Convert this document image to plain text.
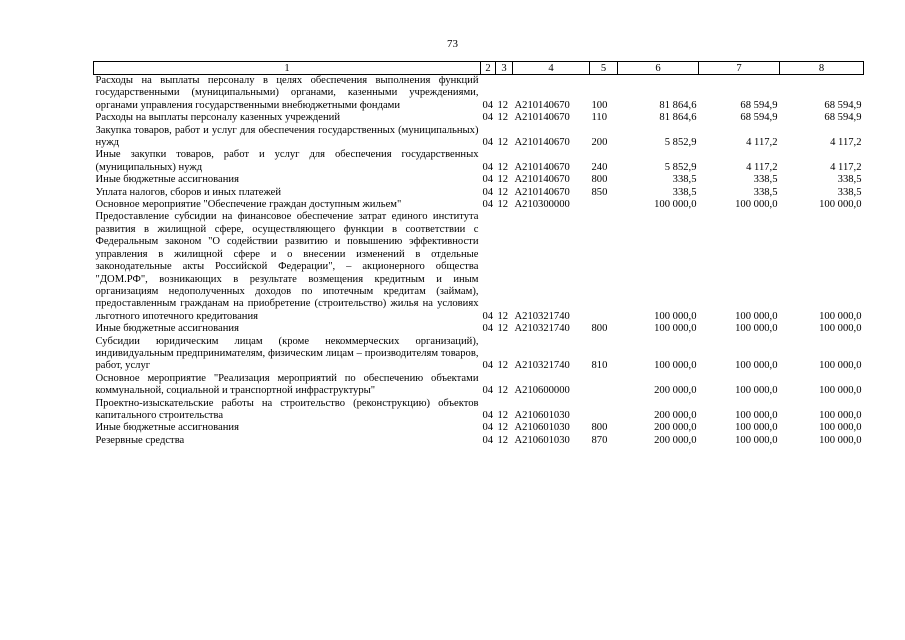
73
1	2	3	4	5	6	7	8
Расходы на выплаты персоналу в целях обеспечения выполнения функций государственными (муниципальными) органами, казенными учреждениями, органами управления государственными внебюджетными фондами	04	12	А210140670	100	81 864,6	68 594,9	68 594,9
Расходы на выплаты персоналу казенных учреждений	04	12	А210140670	110	81 864,6	68 594,9	68 594,9
Закупка товаров, работ и услуг для обеспечения государственных (муниципальных) нужд	04	12	А210140670	200	5 852,9	4 117,2	4 117,2
Иные закупки товаров, работ и услуг для обеспечения государственных (муниципальных) нужд	04	12	А210140670	240	5 852,9	4 117,2	4 117,2
Иные бюджетные ассигнования	04	12	А210140670	800	338,5	338,5	338,5
Уплата налогов, сборов и иных платежей	04	12	А210140670	850	338,5	338,5	338,5
Основное мероприятие "Обеспечение граждан доступным жильем"	04	12	А210300000		100 000,0	100 000,0	100 000,0
Предоставление субсидии на финансовое обеспечение затрат единого института развития в жилищной сфере, осуществляющего функции в соответствии с Федеральным законом "О содействии развитию и повышению эффективности управления в жилищной сфере и о внесении изменений в отдельные законодательные акты Российской Федерации", – акционерного общества "ДОМ.РФ", возникающих в результате возмещения кредитным и иным организациям недополученных доходов по ипотечным кредитам (займам), предоставленным гражданам на приобретение (строительство) жилья на условиях льготного ипотечного кредитования	04	12	А210321740		100 000,0	100 000,0	100 000,0
Иные бюджетные ассигнования	04	12	А210321740	800	100 000,0	100 000,0	100 000,0
Субсидии юридическим лицам (кроме некоммерческих организаций), индивидуальным предпринимателям, физическим лицам – производителям товаров, работ, услуг	04	12	А210321740	810	100 000,0	100 000,0	100 000,0
Основное мероприятие "Реализация мероприятий по обеспечению объектами коммунальной, социальной и транспортной инфраструктуры"	04	12	А210600000		200 000,0	100 000,0	100 000,0
Проектно-изыскательские работы на строительство (реконструкцию) объектов капитального строительства	04	12	А210601030		200 000,0	100 000,0	100 000,0
Иные бюджетные ассигнования	04	12	А210601030	800	200 000,0	100 000,0	100 000,0
Резервные средства	04	12	А210601030	870	200 000,0	100 000,0	100 000,0
